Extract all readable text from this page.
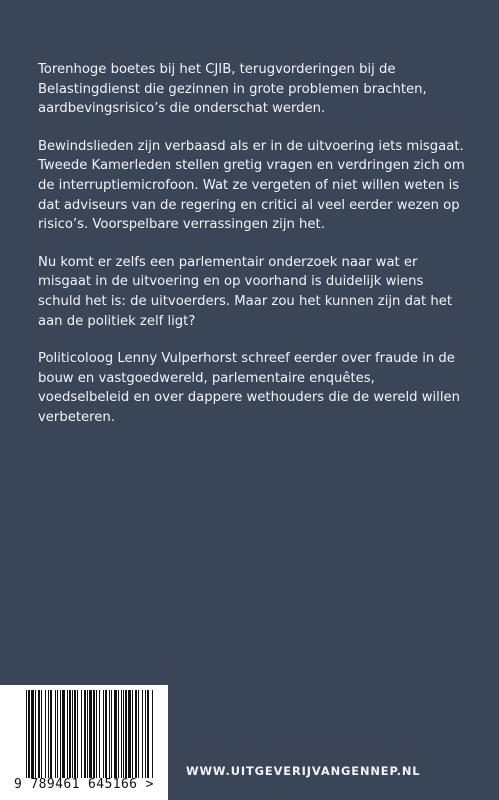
Torenhoge boetes bij het CJIB, terugvorderingen bij de Belastingdienst die gezinnen in grote problemen brachten, aardbevingsrisico’s die onderschat werden.

Bewindslieden zijn verbaasd als er in de uitvoering iets misgaat. Tweede Kamerleden stellen gretig vragen en verdringen zich om de interruptiemicrofoon. Wat ze vergeten of niet willen weten is dat adviseurs van de regering en critici al veel eerder wezen op risico’s. Voorspelbare verrassingen zijn het.

Nu komt er zelfs een parlementair onderzoek naar wat er misgaat in de uitvoering en op voorhand is duidelijk wiens schuld het is: de uitvoerders. Maar zou het kunnen zijn dat het aan de politiek zelf ligt?

Politicoloog Lenny Vulperhorst schreef eerder over fraude in de bouw en vastgoedwereld, parlementaire enquêtes, voedselbeleid en over dappere wethouders die de wereld willen verbeteren.

9 789461 645166 >
WWW.UITGEVERIJVANGENNEP.NL
